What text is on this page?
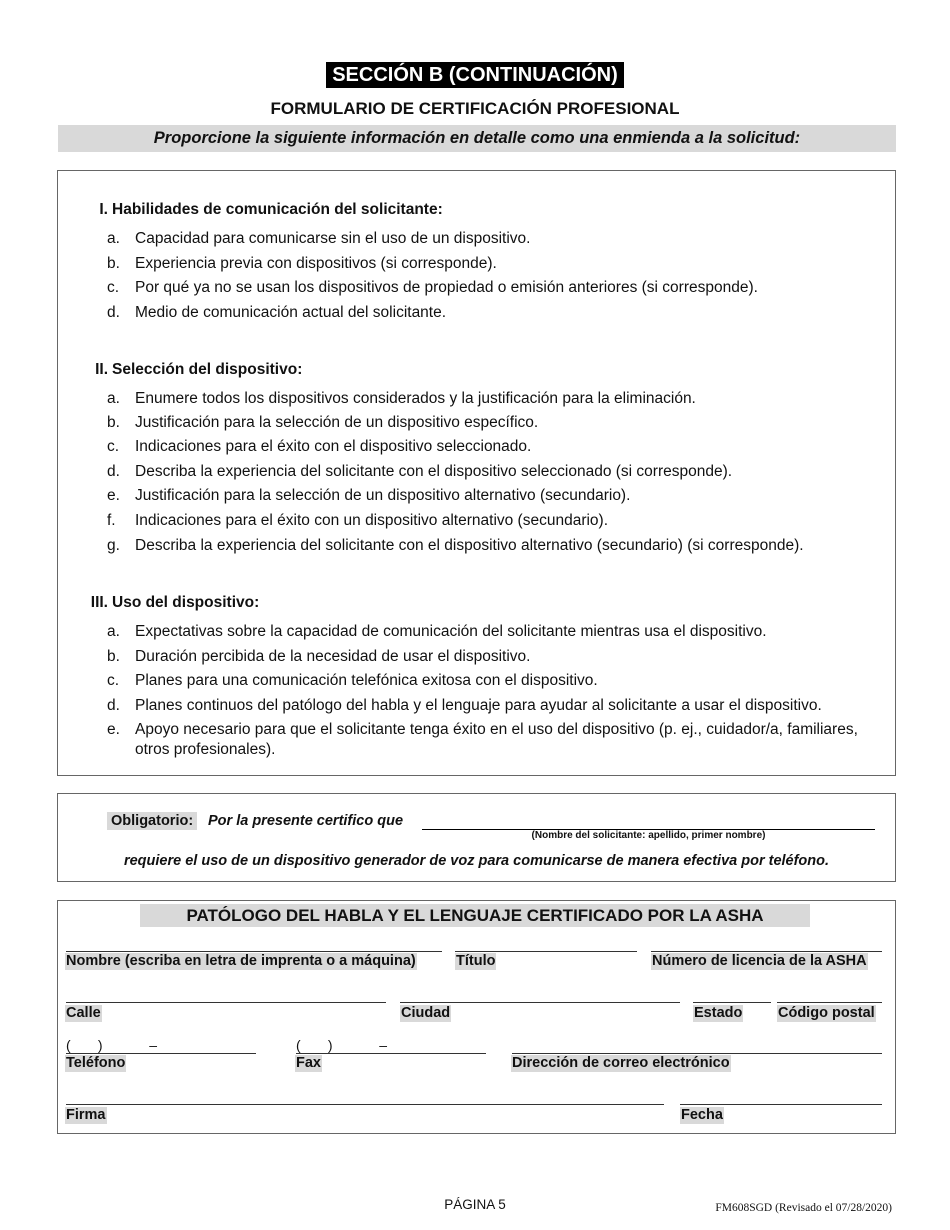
SECCIÓN B (CONTINUACIÓN)
FORMULARIO DE CERTIFICACIÓN PROFESIONAL
Proporcione la siguiente información en detalle como una enmienda a la solicitud:
I. Habilidades de comunicación del solicitante:
a. Capacidad para comunicarse sin el uso de un dispositivo.
b. Experiencia previa con dispositivos (si corresponde).
c.	Por qué ya no se usan los dispositivos de propiedad o emisión anteriores (si corresponde).
d. Medio de comunicación actual del solicitante.
II. Selección del dispositivo:
a. Enumere todos los dispositivos considerados y la justificación para la eliminación.
b. Justificación para la selección de un dispositivo específico.
c.	Indicaciones para el éxito con el dispositivo seleccionado.
d. Describa la experiencia del solicitante con el dispositivo seleccionado (si corresponde).
e. Justificación para la selección de un dispositivo alternativo (secundario).
f.	Indicaciones para el éxito con un dispositivo alternativo (secundario).
g. Describa la experiencia del solicitante con el dispositivo alternativo (secundario) (si corresponde).
III. Uso del dispositivo:
a. Expectativas sobre la capacidad de comunicación del solicitante mientras usa el dispositivo.
b. Duración percibida de la necesidad de usar el dispositivo.
c.	Planes para una comunicación telefónica exitosa con el dispositivo.
d. Planes continuos del patólogo del habla y el lenguaje para ayudar al solicitante a usar el dispositivo.
e. Apoyo necesario para que el solicitante tenga éxito en el uso del dispositivo (p. ej., cuidador/a, familiares, otros profesionales).
Obligatorio: Por la presente certifico que
(Nombre del solicitante: apellido, primer nombre)
requiere el uso de un dispositivo generador de voz para comunicarse de manera efectiva por teléfono.
PATÓLOGO DEL HABLA Y EL LENGUAJE CERTIFICADO POR LA ASHA
Nombre (escriba en letra de imprenta o a máquina)	Título	Número de licencia de la ASHA
Calle	Ciudad	Estado Código postal
(       )            –
Teléfono
(       )            –
Fax	Dirección de correo electrónico
Firma	Fecha
PÁGINA 5	FM608SGD (Revisado el 07/28/2020)
